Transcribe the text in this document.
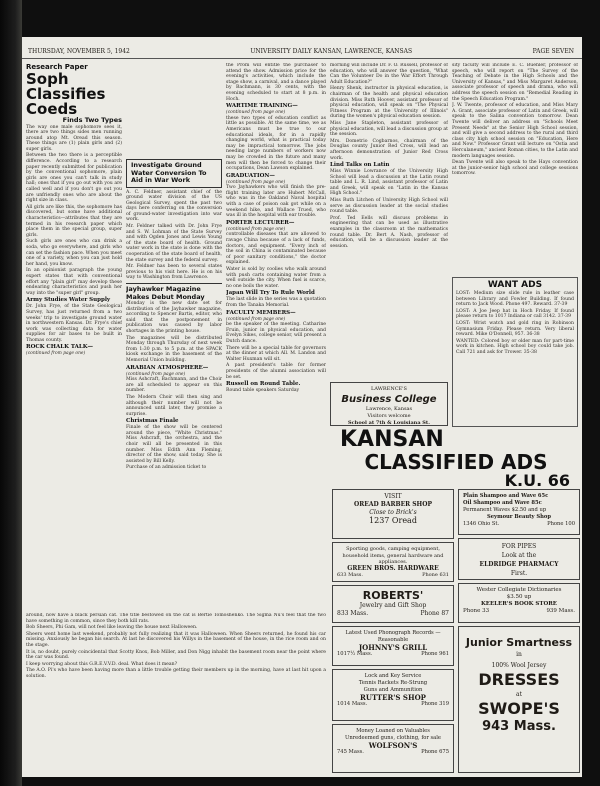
THURSDAY, NOVEMBER 5, 1942	UNIVERSITY DAILY KANSAN, LAWRENCE, KANSAS	PAGE SEVEN
Research Paper
Soph Classifies Coeds
Finds Two Types

The way one male sophomore sees it, there are two things sides men running around atop Mt. Oread this season. These things are (1) plain girls and (2) super girls.

Between the two there is a perceptible difference. According to a research paper recently submitted for publication by the conventional sophomore, plain girls are ones you can't talk in study hall; ones that if you go out with you are called well and if you don't go out you are unfriendly ones who are about the right size in class.

All girls are like this, the sophomore has discovered, but some have additional characteristics—attributes that they are termed in his research paper which place them in the special group, super girls.

Such girls are ones who can drink a soda, who go everywhere, and girls who can set the fashion pace. When you meet one of a variety, when you can just hold her hand, you know.

In an opinionist paragraph the young expert states that with conventional effort any "plain girl" may develop these endearing characteristics and push her way into the "super girl" group.

Army Studies Water Supply

Dr. John Frye, of the State Geological Survey, has just returned from a two weeks' trip to investigate ground water in northwestern Kansas. Dr. Frye's chief work was collecting data for water supplies for air bases to be built in Thomas county.

ROCK CHALK TALK—
(continued from page one)

around, now have a black persian cat. The title bestowed on the cat is Bertie Tomoshenko. The Sigma Nu's feel that the two have something in common, since they both kill rats.

Bob Sheers, Phi Gam, will not feel like leaving the house next Halloween.

Sheers went home last weekend, probably not fully realizing that it was Halloween. When Sheers returned, he found his car missing. Anxiously he began his search. At last he discovered his Willys in the basement of the house, in the rice room and on the stage.

It is, no doubt, purely coincidental that Scotty Knox, Bob Miller, and Don Nigg inhabit the basement room near the point where the car was found.

I keep worrying about this G.R.E.V.V.D. deal. What does it mean?

The A.O. Pi's who have been having more than a little trouble getting their members up in the morning, have at last hit upon a solution.

Investigate Ground Water Conversion To Aid in War Work

A. C. Feldner, assistant chief of the ground water division of the US Geological Survey, spent the past two days here conferring on the conversion of ground-water investigation into war work.

Mr. Feldner talked with Dr. John Frye and S. W. Lohman of the State Survey and with Ogden Jones and Lewis Young of the state board of health. Ground water work in the state is done with the cooperation of the state board of health, the state survey and the federal survey.

Mr. Feldner has been to several states previous to his visit here. He is on his way to Washington from Lawrence.

Jayhawker Magazine Makes Debut Monday

Monday is the new date set for distribution of the Jayhawker magazine, according to Spencer Bartis, editor, who said that the postponement in publication was caused by labor shortages in the printing house.

The magazines will be distributed Monday through Thursday of next week from 1:30 p.m. to 5 p.m. at the SPACK kiosk exchange in the basement of the Memorial Union building.

ARABIAN ATMOSPHERE—
(continued from page one)

Miss Ashcraft, Bachmann, and the Choir are all scheduled to appear on this number.

The Modern Choir will then sing and although their number will not be announced until later, they promise a surprise.

Christmas Finale

Finale of the show will be centered around the piece, "White Christmas." Miss Ashcraft, the orchestra, and the choir will all be presented in this number. Miss Edith Ann Fleming, director of the show, said today. She is assisted by Bill Kelly.

Purchase of an admission ticket to

the Prom will entitle the purchaser to attend the show. Admission price for the evening's activities, which include the stage show, a carnival, and a dance played by Bachmann, is 30 cents, with the evening scheduled to start at 8 p.m. in Hoch.

WARTIME TRAINING—
(continued from page one)

these two types of education conflict as little as possible. At the same time, we as Americans must be true to our educational ideals, for in a rapidly changing world, what is practical today may be impractical tomorrow. The jobs needing large numbers of workers now may be crowded in the future and many men will then be forced to change their occupations, Dean Lawson explained.

GRADUATION—
(continued from page one)

Two Jayhawkers who will finish the pre-flight training later are Hubert McCall, who was in the Oakland Naval hospital with a case of poison oak got while on a weekend hike, and Wallace Trued, who was ill in the hospital with ear trouble.

PORTER LECTURER—
(continued from page one)

controllable diseases that are allowed to ravage China because of a lack of funds, doctors, and equipment. "Every inch of the soil in China is contaminated because of poor sanitary conditions," the doctor explained.

Water is sold by coolies who walk around with push carts containing water from a well outside the city. When fuel is scarce, no one boils the water.

Japan Will Try To Rule World

The last slide in the series was a quotation from the Tanaka Memorial.

FACULTY MEMBERS—
(continued from page one)

be the speaker of the meeting. Catharine Fruin, junior in physical education, and Evelyn Sikes, college senior, will present a Dutch dance.

There will be a special table for governors at the dinner at which All. M. Landon and Walter Huxman will sit.

A past president's table for former presidents of the alumni association will be set.

Russell on Round Table.

Round table speakers Saturday

morning will include Dr. F. O. Russell, professor of education, who will answer the question, "What Can the Volunteer Do in the War Effort Through Adult Education?"

Henry Shenk, instructor in physical education, is chairman of the health and physical education division. Miss Ruth Hoover, assistant professor of physical education, will speak on "The Physical Fitness Program at the University of Illinois" during the women's physical education session.

Miss Jane Stapleton, assistant professor of physical education, will lead a discussion group at the session.

Mrs. Dometrio Cogbarnos, chairman of the Douglas county Junior Red Cross, will lead an afternoon demonstration of Junior Red Cross work.

Lind Talks on Latin

Miss Winnie Lowrance of the University High School will lead a discussion at the Latin round table and L. R. Lind, assistant professor of Latin and Greek, will speak on "Latin in the Kansas High School."

Miss Ruth Litchen of University High School will serve as discussion leader at the social studies round table.

Prof. Ted Eells will discuss problems in engineering that can be used as illustrative examples in the classroom at the mathematics round table. Dr. Bert A. Nash, professor of education, will be a discussion leader at the session.

LAWRENCE'S
Business College
Lawrence, Kansas
Visitors welcome
School at 7th & Louisiana St.

sity faculty will include E. C. Buehler, professor of speech, who will report on "The Survey of the Teaching of Debate in the High Schools and the University of Kansas," and Miss Margaret Anderson, associate professor of speech and drama, who will address the speech session on "Remedial Reading in the Speech Education Program."

J. W. Twente, professor of education, and Miss Mary A. Grant, associate professor of Latin and Greek, will speak to the Salina convention tomorrow. Dean Twente will deliver an address on "Schools Meet Present Needs" at the Senior High School session, and will give a second address to the rural and third class city high school session on "Education, Here and Now." Professor Grant will lecture on "Ostia and Herculaneum," ancient Roman cities, to the Latin and modern languages session.

Dean Twente will also speak to the Hays convention at the junior-senior high school and college sessions tomorrow.

WANT ADS

LOST: Medium size slide rule in leather case between Library and Fowler Building. If found return to Jack Wood. Phone 497. Reward. 37-39

LOST: A Joe Jeep hat in Hoch Friday. If found please return to 1017 Indiana or call 3142. 37-39

LOST: Wrist watch and gold ring in Robinson Gymnasium Friday. Please return. Very liberal reward. Mike O'Donnell, 957. 36-38

WANTED: Colored boy or older man for part-time work in kitchen. High school boy could take job. Call 721 and ask for Trower. 35-38

KANSAN
CLASSIFIED ADS
K.U. 66
VISIT
OREAD BARBER SHOP
Close to Brick's
1237 Oread
Sporting goods, camping equipment, household items, general hardware and appliances.
GREEN BROS. HARDWARE
633 Mass.	Phone 631
ROBERTS'
Jewelry and Gift Shop
833 Mass.	Phone 87
Latest Used Phonograph Records — Reasonable
JOHNNY'S GRILL
1017½ Mass.	Phone 961
Lock and Key Service
Tennis Rackets Re-Strung
Guns and Ammunition
RUTTER'S SHOP
1014 Mass.	Phone 319
Money Loaned on Valuables
Unredeemed guns, clothing, for sale
WOLFSON'S
745 Mass.	Phone 675
Plain Shampoo and Wave 65c
Oil Shampoo and Wave 85c
Permanent Waves $2.50 and up
Seymour Beauty Shop
1346 Ohio St.	Phone 100
FOR PIPES
Look at the
ELDRIDGE PHARMACY
First.
Wester Collegiate Dictionaries
$3.50 up
KEELER'S BOOK STORE
Phone 33	939 Mass.
Junior Smartness
in
100% Wool Jersey
DRESSES
at
SWOPE'S
943 Mass.
